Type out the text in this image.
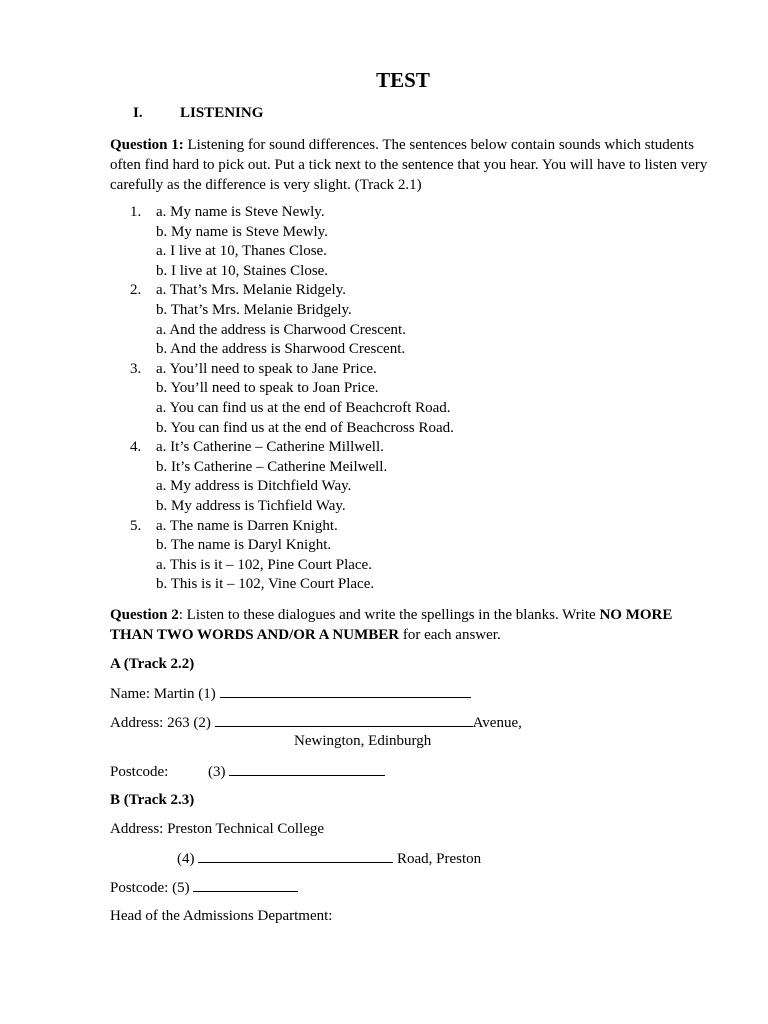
TEST
I. LISTENING
Question 1: Listening for sound differences. The sentences below contain sounds which students often find hard to pick out. Put a tick next to the sentence that you hear. You will have to listen very carefully as the difference is very slight. (Track 2.1)
1. a. My name is Steve Newly.
b. My name is Steve Mewly.
a. I live at 10, Thanes Close.
b. I live at 10, Staines Close.
2. a. That’s Mrs. Melanie Ridgely.
b. That’s Mrs. Melanie Bridgely.
a. And the address is Charwood Crescent.
b. And the address is Sharwood Crescent.
3. a. You’ll need to speak to Jane Price.
b. You’ll need to speak to Joan Price.
a. You can find us at the end of Beachcroft Road.
b. You can find us at the end of Beachcross Road.
4. a. It’s Catherine – Catherine Millwell.
b. It’s Catherine – Catherine Meilwell.
a. My address is Ditchfield Way.
b. My address is Tichfield Way.
5. a. The name is Darren Knight.
b. The name is Daryl Knight.
a. This is it – 102, Pine Court Place.
b. This is it – 102, Vine Court Place.
Question 2: Listen to these dialogues and write the spellings in the blanks. Write NO MORE THAN TWO WORDS AND/OR A NUMBER for each answer.
A (Track 2.2)
Name: Martin (1)
Address: 263 (2)	Avenue,
Newington, Edinburgh
Postcode:	(3)
B (Track 2.3)
Address: Preston Technical College
(4)	Road, Preston
Postcode: (5)
Head of the Admissions Department:
